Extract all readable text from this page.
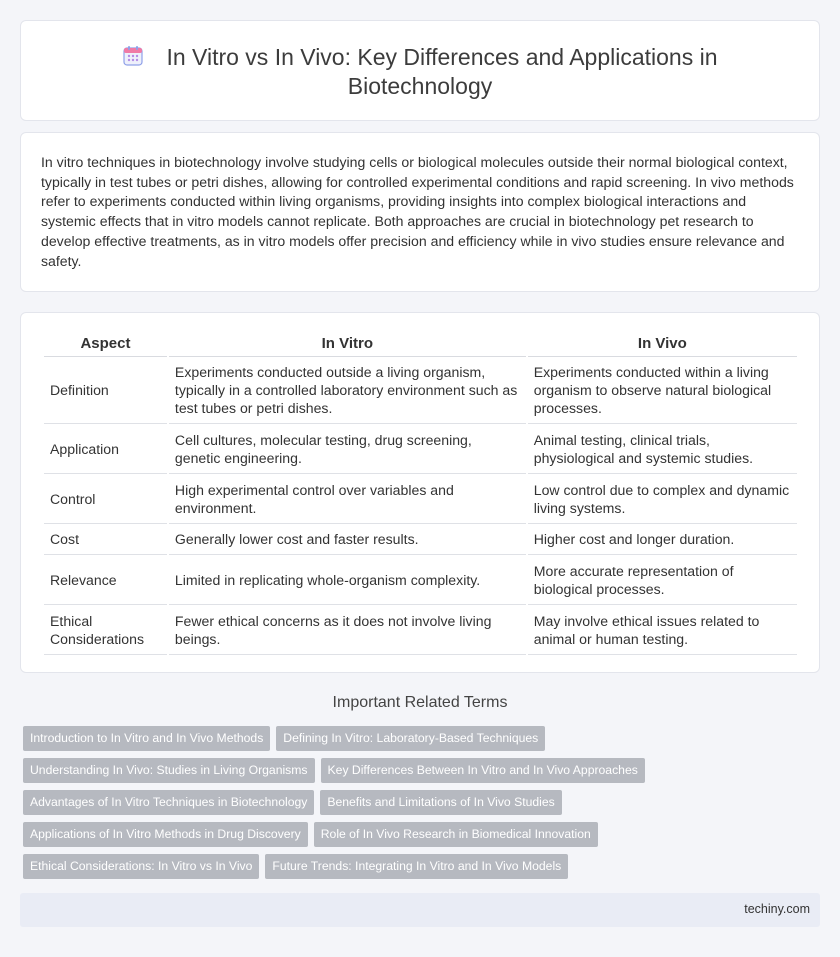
In Vitro vs In Vivo: Key Differences and Applications in
Biotechnology

In vitro techniques in biotechnology involve studying cells or biological molecules outside their normal biological context, typically in test tubes or petri dishes, allowing for controlled experimental conditions and rapid screening. In vivo methods refer to experiments conducted within living organisms, providing insights into complex biological interactions and systemic effects that in vitro models cannot replicate. Both approaches are crucial in biotechnology pet research to develop effective treatments, as in vitro models offer precision and efficiency while in vivo studies ensure relevance and safety.

Aspect	In Vitro	In Vivo
Definition	Experiments conducted outside a living organism, typically in a controlled laboratory environment such as test tubes or petri dishes.	Experiments conducted within a living organism to observe natural biological processes.
Application	Cell cultures, molecular testing, drug screening, genetic engineering.	Animal testing, clinical trials, physiological and systemic studies.
Control	High experimental control over variables and environment.	Low control due to complex and dynamic living systems.
Cost	Generally lower cost and faster results.	Higher cost and longer duration.
Relevance	Limited in replicating whole-organism complexity.	More accurate representation of biological processes.
Ethical Considerations	Fewer ethical concerns as it does not involve living beings.	May involve ethical issues related to animal or human testing.
Important Related Terms
Introduction to In Vitro and In Vivo Methods Defining In Vitro: Laboratory-Based Techniques
Understanding In Vivo: Studies in Living Organisms Key Differences Between In Vitro and In Vivo Approaches
Advantages of In Vitro Techniques in Biotechnology Benefits and Limitations of In Vivo Studies
Applications of In Vitro Methods in Drug Discovery Role of In Vivo Research in Biomedical Innovation
Ethical Considerations: In Vitro vs In Vivo Future Trends: Integrating In Vitro and In Vivo Models
techiny.com
